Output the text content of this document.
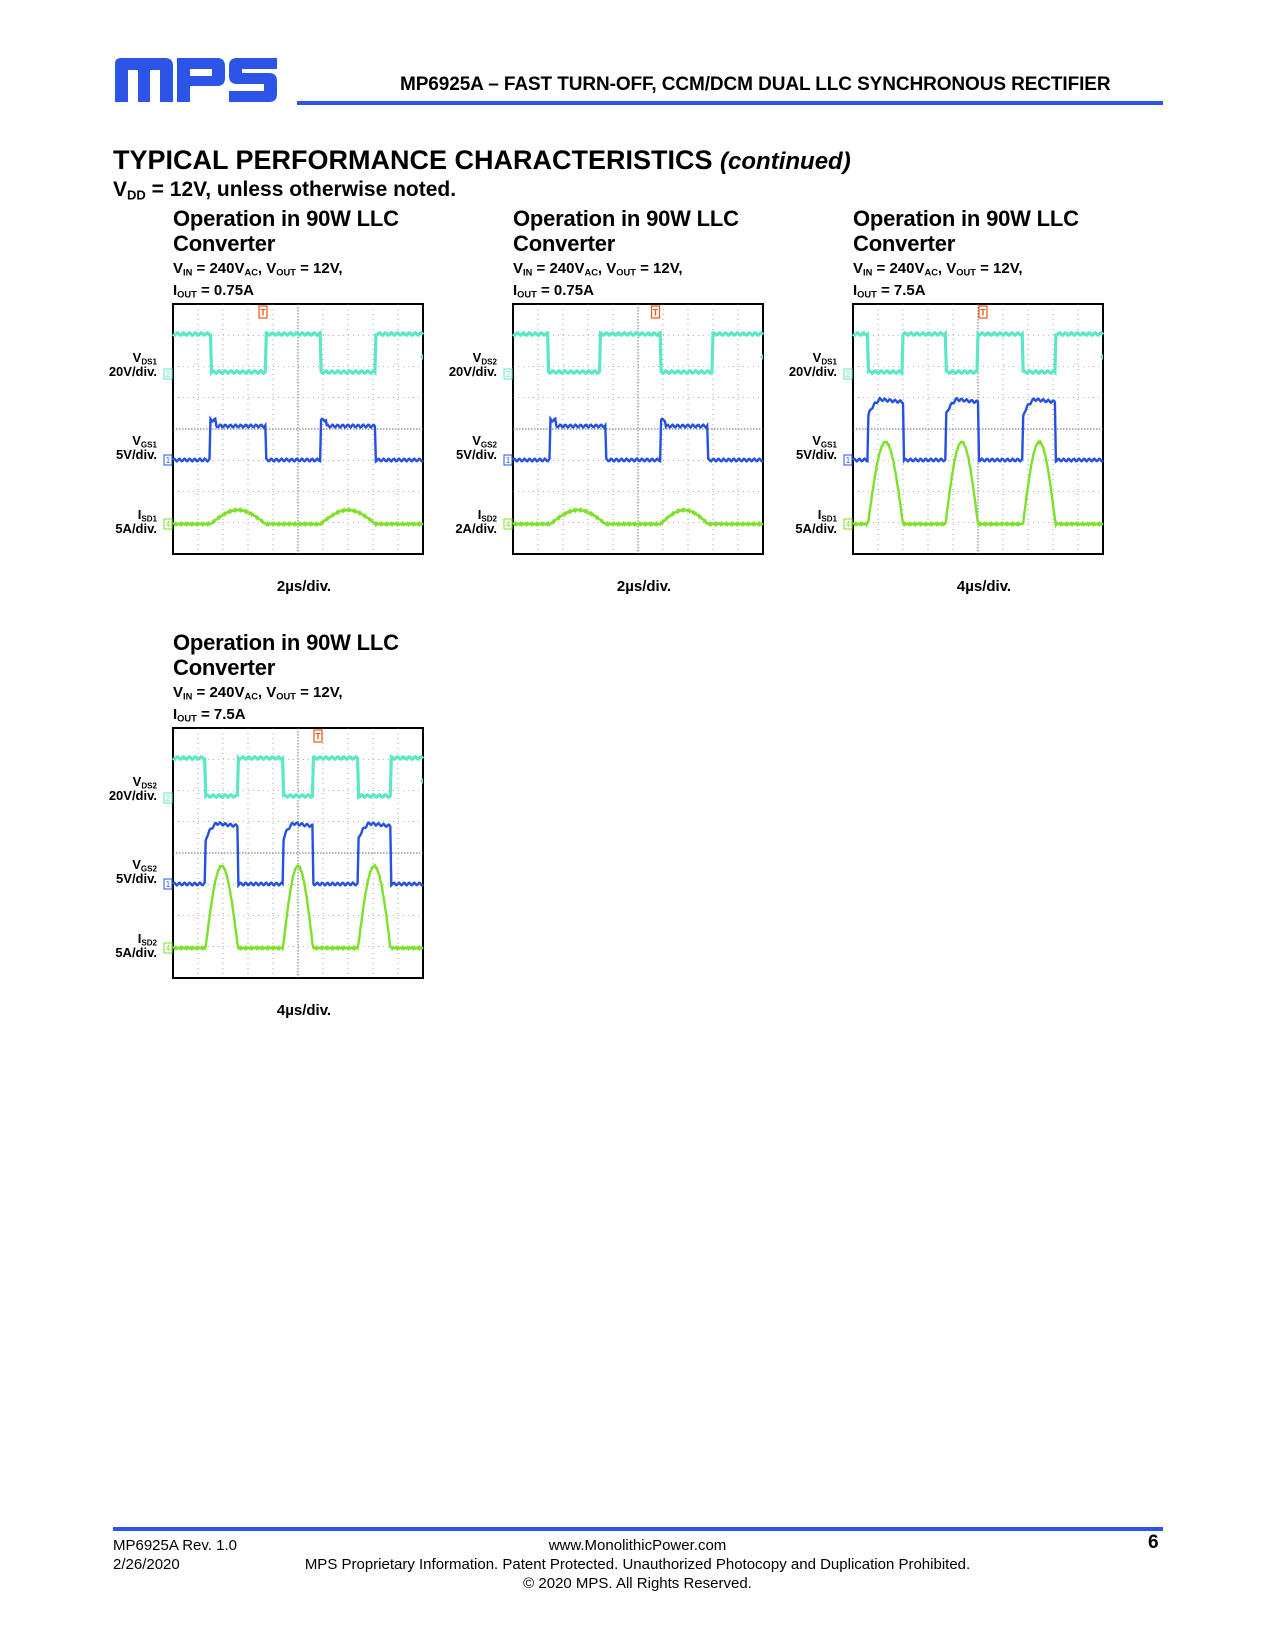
MP6925A – FAST TURN-OFF, CCM/DCM DUAL LLC SYNCHRONOUS RECTIFIER
TYPICAL PERFORMANCE CHARACTERISTICS (continued)
$V_{DD} = 12V$, unless otherwise noted.
Operation in 90W LLC Converter
$V_{IN} = 240V_{AC}$, $V_{OUT} = 12V$,
$I_{OUT} = 0.75A$
$V_{DS1}$
20V/div.
$V_{GS1}$
5V/div.
$I_{SD1}$
5A/div.
T
2
1
4
2µs/div.
Operation in 90W LLC Converter
$V_{IN} = 240V_{AC}$, $V_{OUT} = 12V$,
$I_{OUT} = 0.75A$
$V_{DS2}$
20V/div.
$V_{GS2}$
5V/div.
$I_{SD2}$
2A/div.
T
2
1
4
2µs/div.
Operation in 90W LLC Converter
$V_{IN} = 240V_{AC}$, $V_{OUT} = 12V$,
$I_{OUT} = 7.5A$
$V_{DS1}$
20V/div.
$V_{GS1}$
5V/div.
$I_{SD1}$
5A/div.
T
2
1
4
4µs/div.
Operation in 90W LLC Converter
$V_{IN} = 240V_{AC}$, $V_{OUT} = 12V$,
$I_{OUT} = 7.5A$
$V_{DS2}$
20V/div.
$V_{GS2}$
5V/div.
$I_{SD2}$
5A/div.
T
2
1
4
4µs/div.
MP6925A Rev. 1.0
2/26/2020
www.MonolithicPower.com
MPS Proprietary Information. Patent Protected. Unauthorized Photocopy and Duplication Prohibited.
© 2020 MPS. All Rights Reserved.
6
